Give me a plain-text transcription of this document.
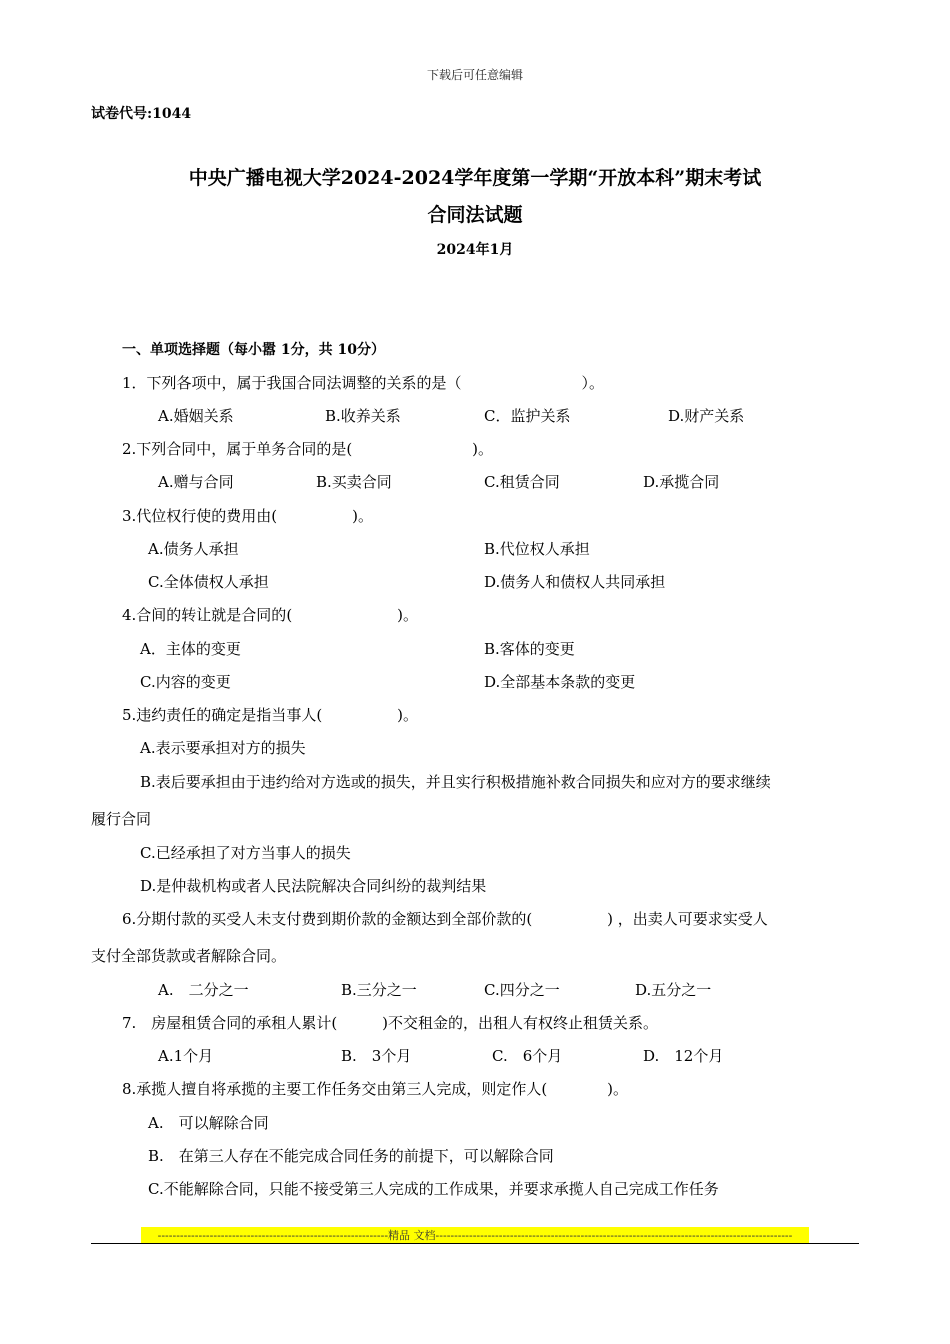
下载后可任意编辑
试卷代号:1044
中央广播电视大学2024-2024学年度第一学期“开放本科”期末考试
合同法试题
2024年1月
一、单项选择题（每小嚣 1分，共 10分）
1．下列各项中，属于我国合同法调整的关系的是（　　　　　　　　）。
A.婚姻关系	B.收养关系	C．监护关系	D.财产关系
2.下列合同中，属于单务合同的是(　　　　　　　　)。
A.赠与合同	B.买卖合同	C.租赁合同	D.承揽合同
3.代位权行使的费用由(　　　　　)。
A.债务人承担	B.代位权人承担
C.全体债权人承担	D.债务人和债权人共同承担
4.合间的转让就是合同的(　　　　　　　)。
A．主体的变更	B.客体的变更
C.内容的变更	D.全部基本条款的变更
5.违约责任的确定是指当事人(　　　　　)。
A.表示要承担对方的损失
B.表后要承担由于违约给对方选或的损失，并且实行积极措施补救合同损失和应对方的要求继续
履行合同
C.已经承担了对方当事人的损失
D.是仲裁机构或者人民法院解决合同纠纷的裁判结果
6.分期付款的买受人未支付费到期价款的金额达到全部价款的(　　　　　) ，出卖人可要求实受人
支付全部货款或者解除合同。
A.　二分之一	B.三分之一	C.四分之一	D.五分之一
7.　房屋租赁合同的承租人累计(　　　)不交租金的，出租人有权终止租赁关系。
A.1个月	B.　3个月	C.　6个月	D.　12个月
8.承揽人擅自将承揽的主要工作任务交由第三人完成，则定作人(　　　　)。
A.　可以解除合同
B.　在第三人存在不能完成合同任务的前提下，可以解除合同
C.不能解除合同，只能不接受第三人完成的工作成果，并要求承揽人自己完成工作任务
--------------------------------------------------------------精品 文档------------------------------------------------------------------------------------------------
